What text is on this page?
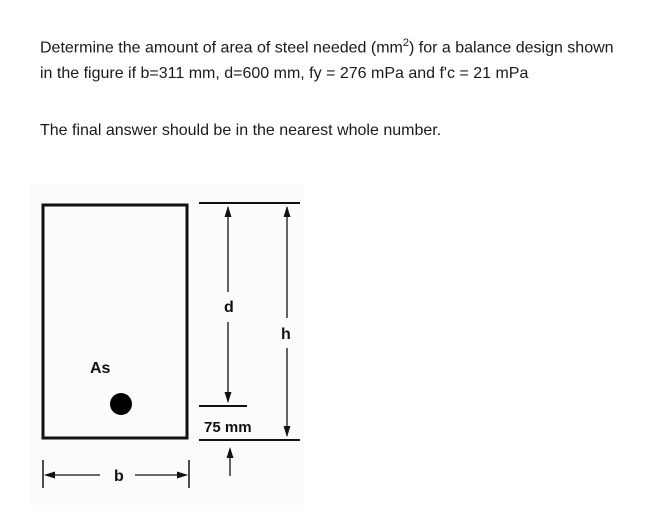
Determine the amount of area of steel needed $(mm^2)$ for a balance design shown in the figure if b=311 mm, d=600 mm, fy = 276 mPa and f'c = 21 mPa

The final answer should be in the nearest whole number.
As
d
h
75 mm
b
